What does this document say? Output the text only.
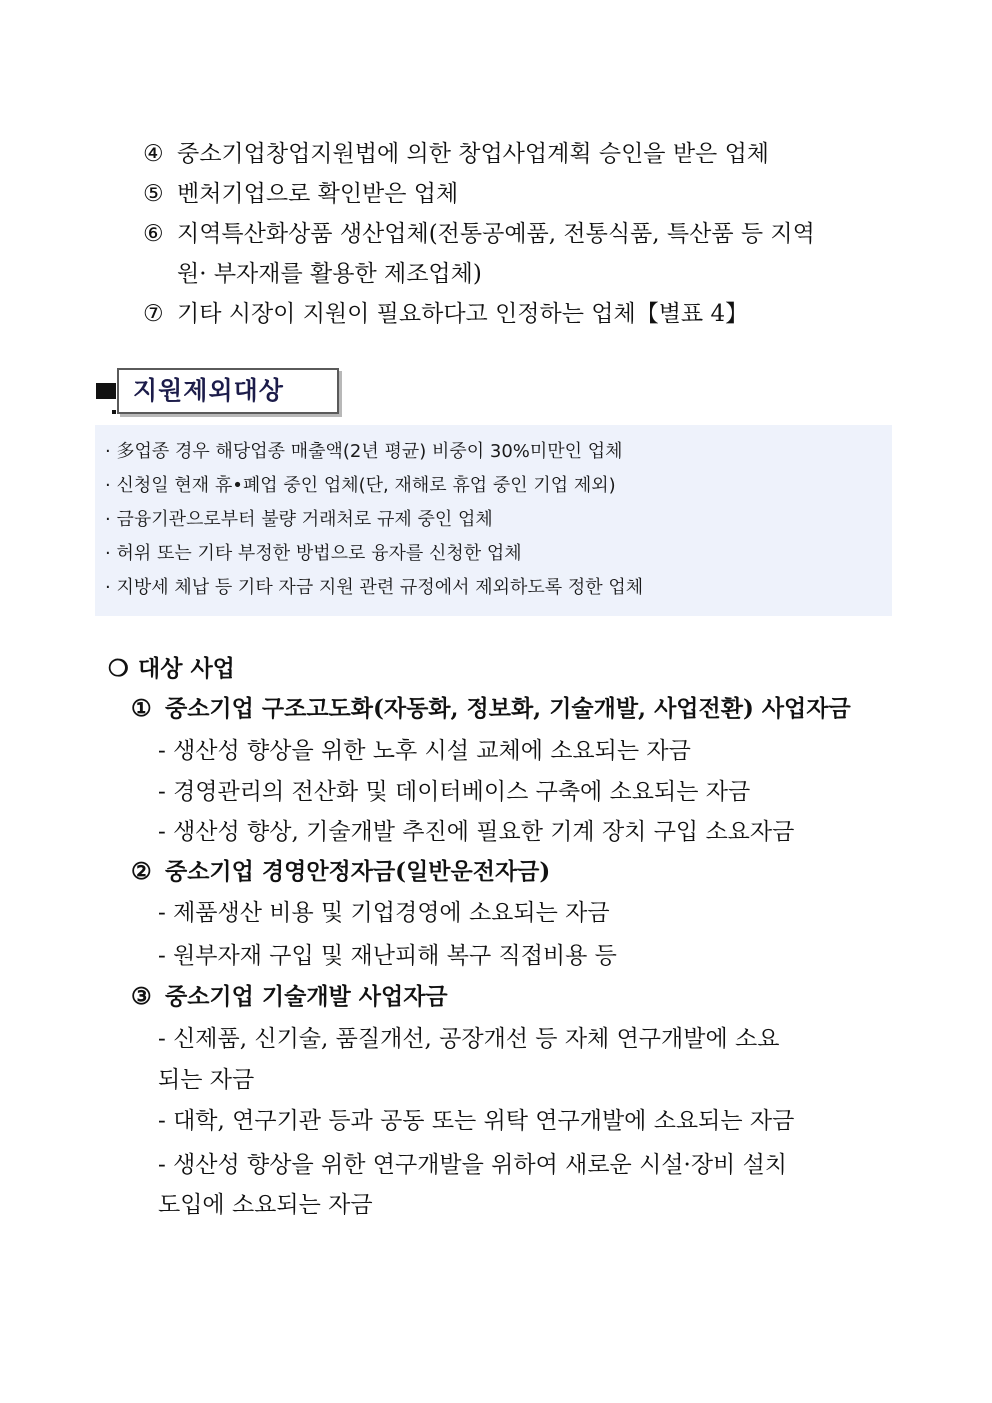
④ 중소기업창업지원법에 의한 창업사업계획 승인을 받은 업체
⑤ 벤처기업으로 확인받은 업체
⑥ 지역특산화상품 생산업체(전통공예품, 전통식품, 특산품 등 지역
원· 부자재를 활용한 제조업체)
⑦ 기타 시장이 지원이 필요하다고 인정하는 업체【별표 4】
지원제외대상
· 多업종 경우 해당업종 매출액(2년 평균) 비중이 30%미만인 업체
· 신청일 현재 휴•폐업 중인 업체(단, 재해로 휴업 중인 기업 제외)
· 금융기관으로부터 불량 거래처로 규제 중인 업체
· 허위 또는 기타 부정한 방법으로 융자를 신청한 업체
· 지방세 체납 등 기타 자금 지원 관련 규정에서 제외하도록 정한 업체
❍ 대상 사업
① 중소기업 구조고도화(자동화, 정보화, 기술개발, 사업전환) 사업자금
- 생산성 향상을 위한 노후 시설 교체에 소요되는 자금
- 경영관리의 전산화 및 데이터베이스 구축에 소요되는 자금
- 생산성 향상, 기술개발 추진에 필요한 기계 장치 구입 소요자금
② 중소기업 경영안정자금(일반운전자금)
- 제품생산 비용 및 기업경영에 소요되는 자금
- 원부자재 구입 및 재난피해 복구 직접비용 등
③ 중소기업 기술개발 사업자금
- 신제품, 신기술, 품질개선, 공장개선 등 자체 연구개발에 소요
되는 자금
- 대학, 연구기관 등과 공동 또는 위탁 연구개발에 소요되는 자금
- 생산성 향상을 위한 연구개발을 위하여 새로운 시설·장비 설치
도입에 소요되는 자금
